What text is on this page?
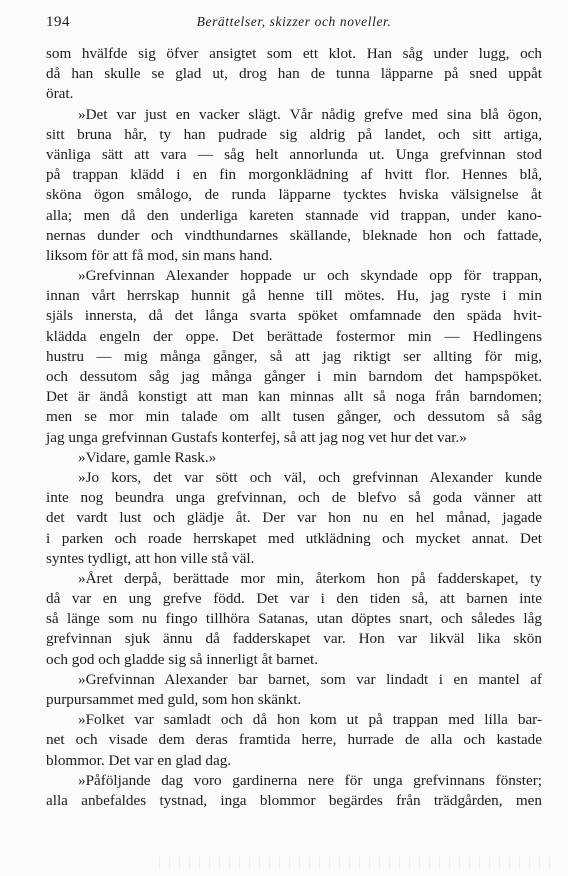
194	Berättelser, skizzer och noveller.
som hvälfde sig öfver ansigtet som ett klot. Han såg under lugg, och
då han skulle se glad ut, drog han de tunna läpparne på sned uppåt
örat.
»Det var just en vacker slägt. Vår nådig grefve med sina blå ögon,
sitt bruna hår, ty han pudrade sig aldrig på landet, och sitt artiga,
vänliga sätt att vara — såg helt annorlunda ut. Unga grefvinnan stod
på trappan klädd i en fin morgonklädning af hvitt flor. Hennes blå,
sköna ögon smålogo, de runda läpparne tycktes hviska välsignelse åt
alla; men då den underliga kareten stannade vid trappan, under kano-
nernas dunder och vindthundarnes skällande, bleknade hon och fattade,
liksom för att få mod, sin mans hand.
»Grefvinnan Alexander hoppade ur och skyndade opp för trappan,
innan vårt herrskap hunnit gå henne till mötes. Hu, jag ryste i min
själs innersta, då det långa svarta spöket omfamnade den späda hvit-
klädda engeln der oppe. Det berättade fostermor min — Hedlingens
hustru — mig många gånger, så att jag riktigt ser allting för mig,
och dessutom såg jag många gånger i min barndom det hampspöket.
Det är ändå konstigt att man kan minnas allt så noga från barndomen;
men se mor min talade om allt tusen gånger, och dessutom så såg
jag unga grefvinnan Gustafs konterfej, så att jag nog vet hur det var.»
»Vidare, gamle Rask.»
»Jo kors, det var sött och väl, och grefvinnan Alexander kunde
inte nog beundra unga grefvinnan, och de blefvo så goda vänner att
det vardt lust och glädje åt. Der var hon nu en hel månad, jagade
i parken och roade herrskapet med utklädning och mycket annat. Det
syntes tydligt, att hon ville stå väl.
»Året derpå, berättade mor min, återkom hon på fadderskapet, ty
då var en ung grefve född. Det var i den tiden så, att barnen inte
så länge som nu fingo tillhöra Satanas, utan döptes snart, och således låg
grefvinnan sjuk ännu då fadderskapet var. Hon var likväl lika skön
och god och gladde sig så innerligt åt barnet.
»Grefvinnan Alexander bar barnet, som var lindadt i en mantel af
purpursammet med guld, som hon skänkt.
»Folket var samladt och då hon kom ut på trappan med lilla bar-
net och visade dem deras framtida herre, hurrade de alla och kastade
blommor. Det var en glad dag.
»Påföljande dag voro gardinerna nere för unga grefvinnans fönster;
alla anbefaldes tystnad, inga blommor begärdes från trädgården, men
